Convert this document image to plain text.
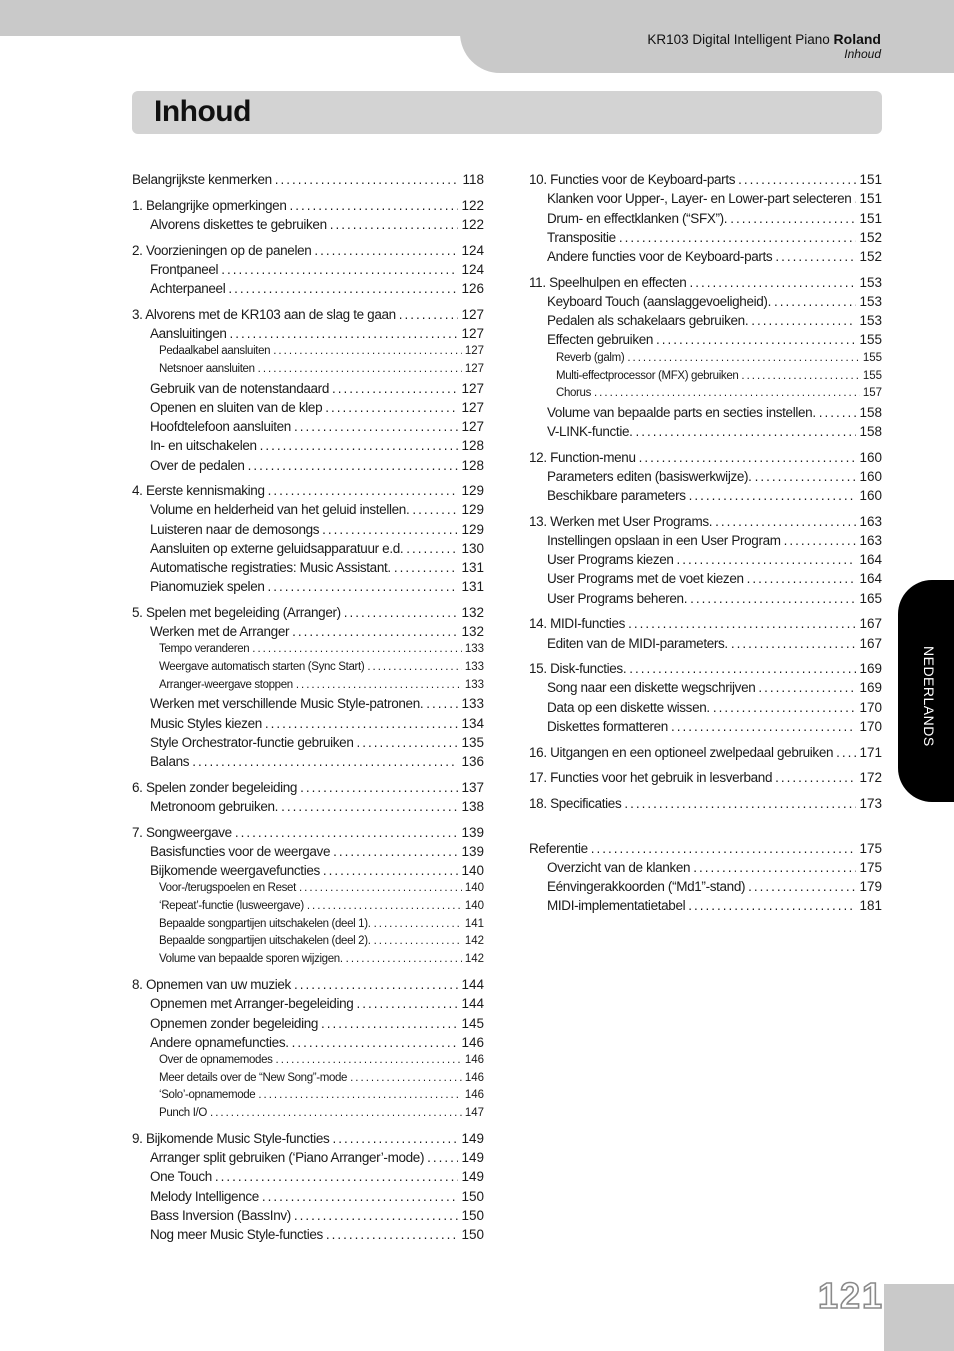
KR103 Digital Intelligent Piano Roland
Inhoud
Inhoud
Belangrijkste kenmerken .....	118
1. Belangrijke opmerkingen .....	122
Alvorens diskettes te gebruiken .....	122
2. Voorzieningen op de panelen .....	124
Frontpaneel .....	124
Achterpaneel .....	126
3. Alvorens met de KR103 aan de slag te gaan .....	127
Aansluitingen .....	127
Pedaalkabel aansluiten .....	127
Netsnoer aansluiten .....	127
Gebruik van de notenstandaard .....	127
Openen en sluiten van de klep .....	127
Hoofdtelefoon aansluiten .....	127
In- en uitschakelen .....	128
Over de pedalen .....	128
4. Eerste kennismaking .....	129
Volume en helderheid van het geluid instellen. .....	129
Luisteren naar de demosongs .....	129
Aansluiten op externe geluidsapparatuur e.d. .....	130
Automatische registraties: Music Assistant. .....	131
Pianomuziek spelen .....	131
5. Spelen met begeleiding (Arranger) .....	132
Werken met de Arranger .....	132
Tempo veranderen .....	133
Weergave automatisch starten (Sync Start) .....	133
Arranger-weergave stoppen .....	133
Werken met verschillende Music Style-patronen. .....	133
Music Styles kiezen .....	134
Style Orchestrator-functie gebruiken .....	135
Balans .....	136
6. Spelen zonder begeleiding .....	137
Metronoom gebruiken. .....	138
7. Songweergave .....	139
Basisfuncties voor de weergave .....	139
Bijkomende weergavefuncties .....	140
Voor-/terugspoelen en Reset .....	140
‘Repeat’-functie (lusweergave) .....	140
Bepaalde songpartijen uitschakelen (deel 1). .....	141
Bepaalde songpartijen uitschakelen (deel 2). .....	142
Volume van bepaalde sporen wijzigen. .....	142
8. Opnemen van uw muziek .....	144
Opnemen met Arranger-begeleiding .....	144
Opnemen zonder begeleiding .....	145
Andere opnamefuncties. .....	146
Over de opnamemodes .....	146
Meer details over de “New Song”-mode .....	146
‘Solo’-opnamemode .....	146
Punch I/O .....	147
9. Bijkomende Music Style-functies .....	149
Arranger split gebruiken (‘Piano Arranger’-mode) .....	149
One Touch .....	149
Melody Intelligence .....	150
Bass Inversion (BassInv) .....	150
Nog meer Music Style-functies .....	150
10. Functies voor de Keyboard-parts .....	151
Klanken voor Upper-, Layer- en Lower-part selecteren ..... 151
Drum- en effectklanken (“SFX”). .....	151
Transpositie .....	152
Andere functies voor de Keyboard-parts .....	152
11. Speelhulpen en effecten .....	153
Keyboard Touch (aanslaggevoeligheid). .....	153
Pedalen als schakelaars gebruiken. .....	153
Effecten gebruiken .....	155
Reverb (galm) .....	155
Multi-effectprocessor (MFX) gebruiken .....	155
Chorus .....	157
Volume van bepaalde parts en secties instellen. .....	158
V-LINK-functie. .....	158
12. Function-menu .....	160
Parameters editen (basiswerkwijze). .....	160
Beschikbare parameters .....	160
13. Werken met User Programs. .....	163
Instellingen opslaan in een User Program .....	163
User Programs kiezen .....	164
User Programs met de voet kiezen .....	164
User Programs beheren. .....	165
14. MIDI-functies .....	167
Editen van de MIDI-parameters. .....	167
15. Disk-functies. .....	169
Song naar een diskette wegschrijven .....	169
Data op een diskette wissen. .....	170
Diskettes formatteren .....	170
16. Uitgangen en een optioneel zwelpedaal gebruiken ..... 171
17. Functies voor het gebruik in lesverband .....	172
18. Specificaties .....	173
Referentie .....	175
Overzicht van de klanken .....	175
Eénvingerakkoorden (“Md1”-stand) .....	179
MIDI-implementatietabel .....	181
NEDERLANDS
121
